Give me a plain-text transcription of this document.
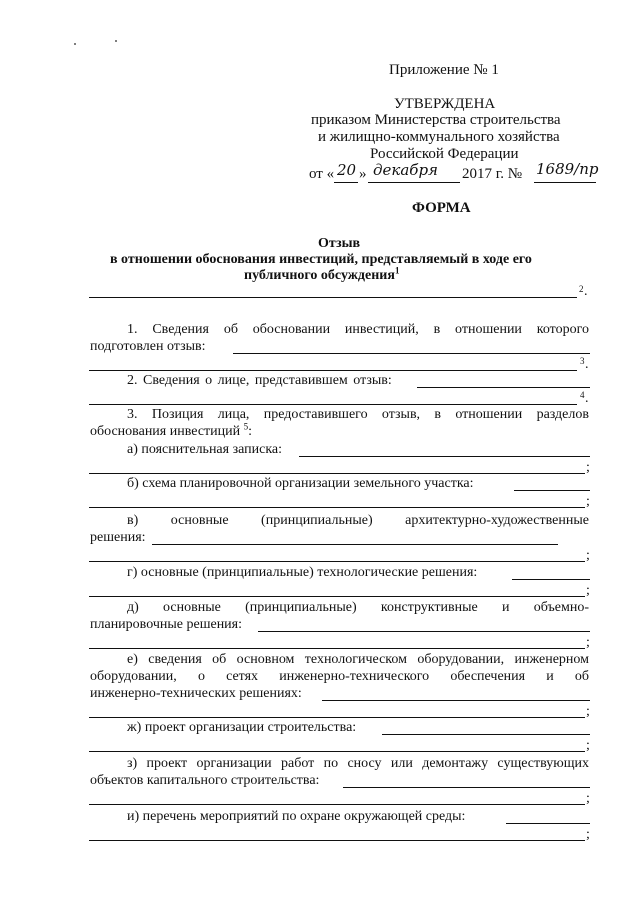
Приложение № 1
УТВЕРЖДЕНА
приказом Министерства строительства
и жилищно-коммунального хозяйства
Российской Федерации
от « 20 » декабря 2017 г. № 1689/пр
ФОРМА
Отзыв
в отношении обоснования инвестиций, представляемый в ходе его
публичного обсуждения$^1$
2 .
1. Сведения об обосновании инвестиций, в отношении которого
подготовлен отзыв:
3 .
2. Сведения о лице, представившем отзыв:
4 .
3. Позиция лица, предоставившего отзыв, в отношении разделов
обоснования инвестиций $^5$:
а) пояснительная записка:
;
б) схема планировочной организации земельного участка:
;
в) основные (принципиальные) архитектурно-художественные
решения:
;
г) основные (принципиальные) технологические решения:
;
д) основные (принципиальные) конструктивные и объемно-
планировочные решения:
;
е) сведения об основном технологическом оборудовании, инженерном
оборудовании, о сетях инженерно-технического обеспечения и об
инженерно-технических решениях:
;
ж) проект организации строительства:
;
з) проект организации работ по сносу или демонтажу существующих
объектов капитального строительства:
;
и) перечень мероприятий по охране окружающей среды:
;
